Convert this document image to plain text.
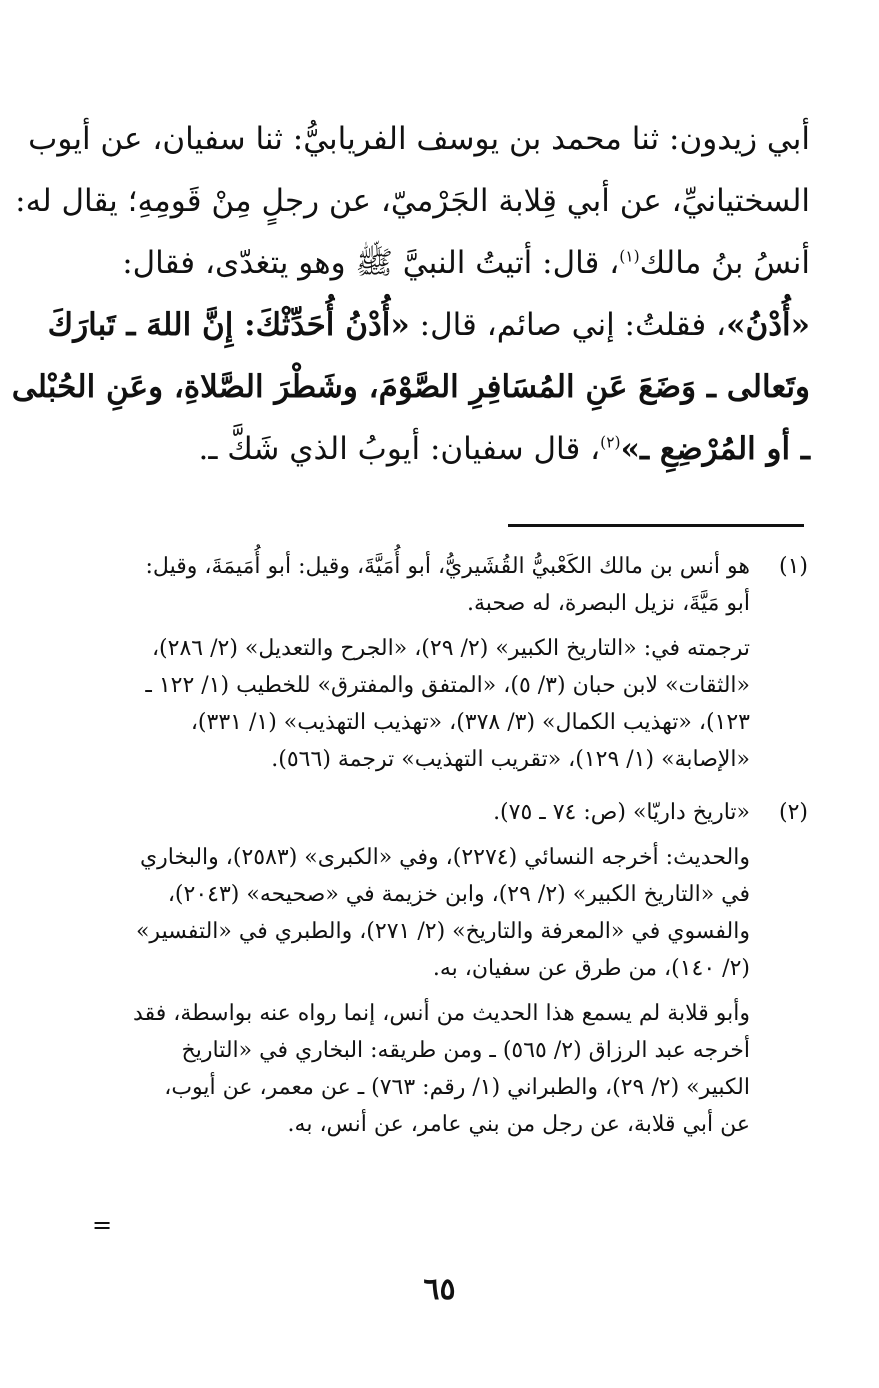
أبي زيدون: ثنا محمد بن يوسف الفريابيُّ: ثنا سفيان، عن أيوب
السختيانيِّ، عن أبي قِلابة الجَرْميّ، عن رجلٍ مِنْ قَومِهِ؛ يقال له:
أنسُ بنُ مالك$^{(١)}$، قال: أتيتُ النبيَّ ﷺ وهو يتغدّى، فقال:
«أُدْنُ»، فقلتُ: إني صائم، قال: «أُدْنُ أُحَدِّثْكَ: إِنَّ اللهَ ـ تَبارَكَ
وتَعالى ـ وَضَعَ عَنِ المُسَافِرِ الصَّوْمَ، وشَطْرَ الصَّلاةِ، وعَنِ الحُبْلى
ـ أو المُرْضِعِ ـ»$^{(٢)}$، قال سفيان: أيوبُ الذي شَكَّ ـ.
(١)
هو أنس بن مالك الكَعْبيُّ القُشَيريُّ، أبو أُمَيَّةَ، وقيل: أبو أُمَيمَةَ، وقيل:
أبو مَيَّةَ، نزيل البصرة، له صحبة.
ترجمته في: «التاريخ الكبير» (٢/ ٢٩)، «الجرح والتعديل» (٢/ ٢٨٦)،
«الثقات» لابن حبان (٣/ ٥)، «المتفق والمفترق» للخطيب (١/ ١٢٢ ـ
١٢٣)، «تهذيب الكمال» (٣/ ٣٧٨)، «تهذيب التهذيب» (١/ ٣٣١)،
«الإصابة» (١/ ١٢٩)، «تقريب التهذيب» ترجمة (٥٦٦).
(٢)
«تاريخ داريّا» (ص: ٧٤ ـ ٧٥).
والحديث: أخرجه النسائي (٢٢٧٤)، وفي «الكبرى» (٢٥٨٣)، والبخاري
في «التاريخ الكبير» (٢/ ٢٩)، وابن خزيمة في «صحيحه» (٢٠٤٣)،
والفسوي في «المعرفة والتاريخ» (٢/ ٢٧١)، والطبري في «التفسير»
(٢/ ١٤٠)، من طرق عن سفيان، به.
وأبو قلابة لم يسمع هذا الحديث من أنس، إنما رواه عنه بواسطة، فقد
أخرجه عبد الرزاق (٢/ ٥٦٥) ـ ومن طريقه: البخاري في «التاريخ
الكبير» (٢/ ٢٩)، والطبراني (١/ رقم: ٧٦٣) ـ عن معمر، عن أيوب،
عن أبي قلابة، عن رجل من بني عامر، عن أنس، به.
=
٦٥
